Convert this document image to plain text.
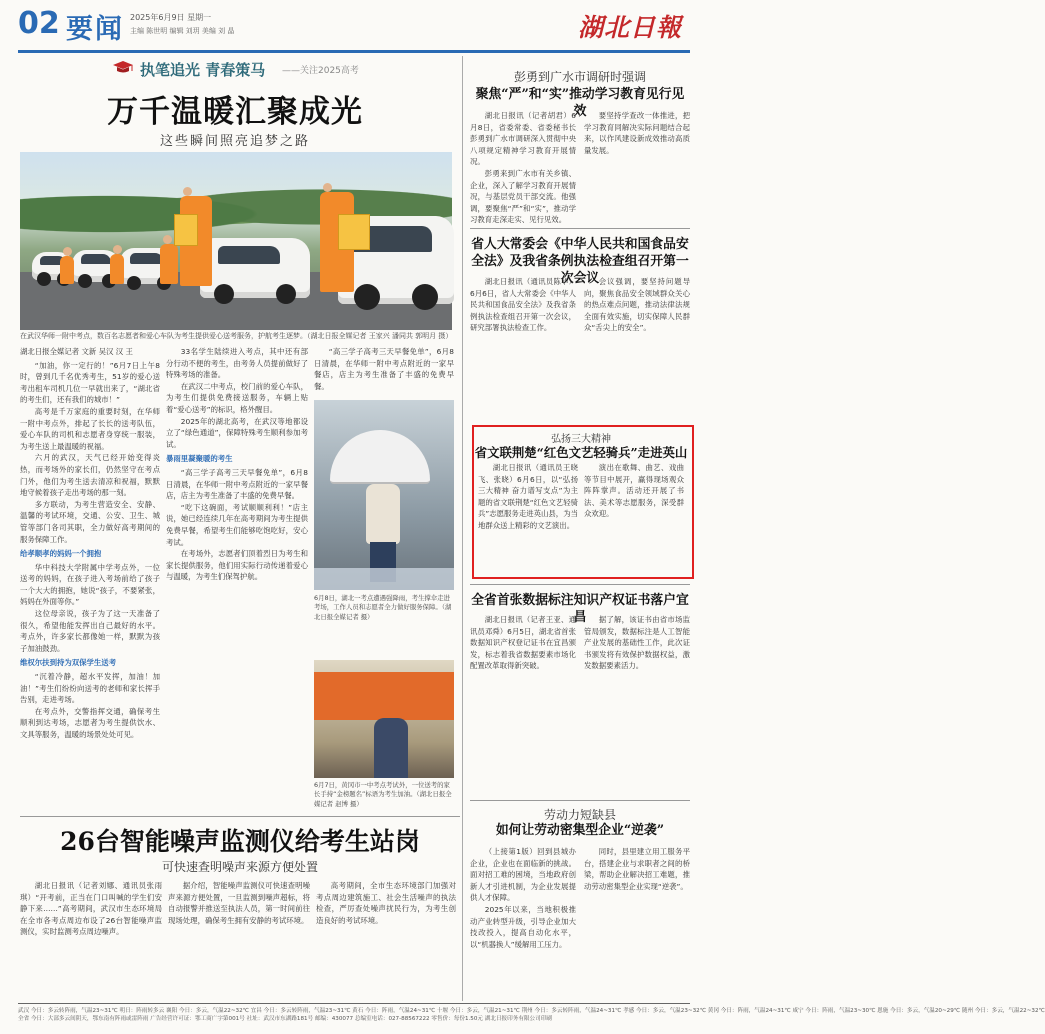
02 要闻 2025年6月9日 星期一
主编 陈世明 编辑 刘玥 美编 刘 晶	湖北日報
执笔追光 青春策马 ——关注2025高考
万千温暖汇聚成光
这些瞬间照亮追梦之路
在武汉华师一附中考点，数百名志愿者和爱心车队为考生提供爱心送考服务，护航考生逐梦。（湖北日报全媒记者 王家兴 潘同共 郭明月 摄）

湖北日报全媒记者 文新 吴汉 汉 王

“加油，你一定行的！”6月7日上午8时，曾到几千名优秀考生，51岁的爱心送考出租车司机几位一早就出来了，“湖北省的考生们，还有我们的城市！”

高考是千万家庭的重要时刻，在华师一附中考点外，排起了长长的送考队伍，爱心车队的司机和志愿者身穿统一服装，为考生送上最温暖的祝福。

六月的武汉，天气已经开始变得炎热，而考场外的家长们，仍然坚守在考点门外，他们为考生送去清凉和祝福，默默地守候着孩子走出考场的那一刻。

多方联动，为考生营造安全、安静、温馨的考试环境，交通、公安、卫生、城管等部门各司其职，全力做好高考期间的服务保障工作。

给孝顺孝的妈妈一个拥抱

华中科技大学附属中学考点外，一位送考的妈妈，在孩子进入考场前给了孩子一个大大的拥抱，她说“孩子，不要紧张，妈妈在外面等你。”

这位母亲说，孩子为了这一天准备了很久，希望他能发挥出自己最好的水平。考点外，许多家长都像她一样，默默为孩子加油鼓劲。

维权尔扶到持为双保学生送考

“沉着冷静，超水平发挥，加油！加油！”考生们纷纷向送考的老师和家长挥手告别，走进考场。

在考点外，交警指挥交通，确保考生顺利到达考场，志愿者为考生提供饮水、文具等服务，温暖的场景处处可见。

33名学生陆续进入考点，其中还有部分行动不便的考生，由考务人员提前做好了特殊考场的准备。

在武汉二中考点，校门前的爱心车队，为考生们提供免费接送服务，车辆上贴着“爱心送考”的标识，格外醒目。

2025年的湖北高考，在武汉等地都设立了“绿色通道”，保障特殊考生顺利参加考试。

暴雨里凝聚暖的考生

“高三学子高考三天早餐免单”，6月8日清晨，在华师一附中考点附近的一家早餐店，店主为考生准备了丰盛的免费早餐。

“吃下这碗面，考试顺顺利利！”店主说，她已经连续几年在高考期间为考生提供免费早餐，希望考生们能够吃饱吃好，安心考试。

在考场外，志愿者们顶着烈日为考生和家长提供服务，他们用实际行动传递着爱心与温暖，为考生们保驾护航。

“高三学子高考三天早餐免单”，6月8日清晨，在华师一附中考点附近的一家早餐店，店主为考生准备了丰盛的免费早餐。

6月8日，湖北一考点遭遇强降雨，考生撑伞走进考场，工作人员和志愿者全力做好服务保障。（湖北日报全媒记者 摄）
6月7日，黄冈市一中考点考试外，一位送考的家长手持“金榜题名”标语为考生加油。（湖北日报全媒记者 赵博 摄）
26台智能噪声监测仪给考生站岗
可快速查明噪声来源方便处置

湖北日报讯（记者刘娜、通讯员张雨琪）“开考前，正当在门口叫喊的学生们安静下来……”高考期间，武汉市生态环境局在全市各考点周边布设了26台智能噪声监测仪，实时监测考点周边噪声。

据介绍，智能噪声监测仪可快速查明噪声来源方便处置，一旦监测到噪声超标，将自动报警并推送至执法人员，第一时间前往现场处理，确保考生拥有安静的考试环境。

高考期间，全市生态环境部门加强对考点周边建筑施工、社会生活噪声的执法检查，严厉查处噪声扰民行为，为考生创造良好的考试环境。

彭勇到广水市调研时强调
聚焦“严”和“实”推动学习教育见行见效

湖北日报讯（记者胡君）6月8日，省委常委、省委秘书长彭勇到广水市调研深入贯彻中央八项规定精神学习教育开展情况。

彭勇来到广水市有关乡镇、企业，深入了解学习教育开展情况，与基层党员干部交流。他强调，要聚焦“严”和“实”，推动学习教育走深走实、见行见效。

要坚持学查改一体推进，把学习教育同解决实际问题结合起来，以作风建设新成效推动高质量发展。

省人大常委会《中华人民共和国食品安全法》及我省条例执法检查组召开第一次会议

湖北日报讯（通讯员陈华）6月6日，省人大常委会《中华人民共和国食品安全法》及我省条例执法检查组召开第一次会议，研究部署执法检查工作。

会议强调，要坚持问题导向，聚焦食品安全领域群众关心的热点难点问题，推动法律法规全面有效实施，切实保障人民群众“舌尖上的安全”。

弘扬三大精神
省文联荆楚“红色文艺轻骑兵”走进英山

湖北日报讯（通讯员王晓飞、张晓）6月6日，以“弘扬三大精神 奋力谱写支点”为主题的省文联荆楚“红色文艺轻骑兵”志愿服务走进英山县，为当地群众送上精彩的文艺演出。

演出在歌舞、曲艺、戏曲等节目中展开，赢得现场观众阵阵掌声。活动还开展了书法、美术等志愿服务，深受群众欢迎。

全省首张数据标注知识产权证书落户宜昌

湖北日报讯（记者王亚、通讯员邓舜）6月5日，湖北省首张数据知识产权登记证书在宜昌颁发，标志着我省数据要素市场化配置改革取得新突破。

据了解，该证书由省市场监管局颁发，数据标注是人工智能产业发展的基础性工作，此次证书颁发将有效保护数据权益，激发数据要素活力。

劳动力短缺县
如何让劳动密集型企业“逆袭”

（上接第1版）回到县城办企业，企业也在面临新的挑战。面对招工难的困境，当地政府创新人才引进机制，为企业发展提供人才保障。

2025年以来，当地积极推动产业转型升级，引导企业加大技改投入，提高自动化水平，以“机器换人”缓解用工压力。

同时，县里建立用工服务平台，搭建企业与求职者之间的桥梁，帮助企业解决招工难题，推动劳动密集型企业实现“逆袭”。

武汉 今日：多云转阵雨，气温23~31℃ 明日：阵雨转多云 襄阳 今日：多云，气温22~32℃ 宜昌 今日：多云转阵雨，气温23~31℃ 黄石 今日：阵雨，气温24~31℃ 十堰 今日：多云，气温21~31℃ 荆州 今日：多云转阵雨，气温24~31℃ 孝感 今日：多云，气温23~32℃ 黄冈 今日：阵雨，气温24~31℃ 咸宁 今日：阵雨，气温23~30℃ 恩施 今日：多云，气温20~29℃ 随州 今日：多云，气温22~32℃
全省 今日：大部多云间阴天，鄂东南有阵雨或雷阵雨 广告经营许可证：鄂工商广字第001号 社址：武汉市东湖路181号 邮编：430077 总编室电话：027-88567222 零售价：每份1.50元 湖北日报印务有限公司印刷
